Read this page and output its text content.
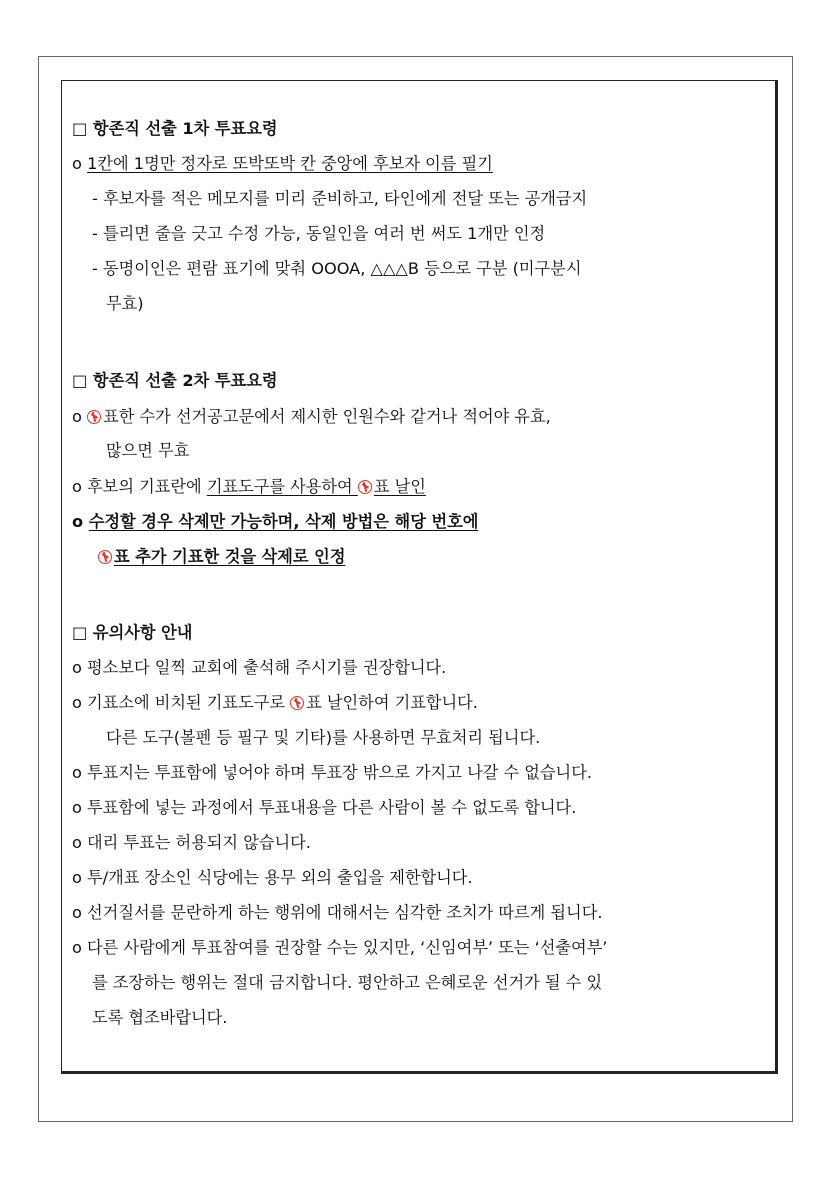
□ 항존직 선출 1차 투표요령
o 1칸에 1명만 정자로 또박또박 칸 중앙에 후보자 이름 필기
- 후보자를 적은 메모지를 미리 준비하고, 타인에게 전달 또는 공개금지
- 틀리면 줄을 긋고 수정 가능, 동일인을 여러 번 써도 1개만 인정
- 동명이인은 편람 표기에 맞춰 OOOA, △△△B 등으로 구분 (미구분시
무효)
□ 항존직 선출 2차 투표요령
o 표한 수가 선거공고문에서 제시한 인원수와 같거나 적어야 유효,
많으면 무효
o 후보의 기표란에 기표도구를 사용하여 표 날인
o 수정할 경우 삭제만 가능하며, 삭제 방법은 해당 번호에
표 추가 기표한 것을 삭제로 인정
□ 유의사항 안내
o 평소보다 일찍 교회에 출석해 주시기를 권장합니다.
o 기표소에 비치된 기표도구로 표 날인하여 기표합니다.
다른 도구(볼펜 등 필구 및 기타)를 사용하면 무효처리 됩니다.
o 투표지는 투표함에 넣어야 하며 투표장 밖으로 가지고 나갈 수 없습니다.
o 투표함에 넣는 과정에서 투표내용을 다른 사람이 볼 수 없도록 합니다.
o 대리 투표는 허용되지 않습니다.
o 투/개표 장소인 식당에는 용무 외의 출입을 제한합니다.
o 선거질서를 문란하게 하는 행위에 대해서는 심각한 조치가 따르게 됩니다.
o 다른 사람에게 투표참여를 권장할 수는 있지만, ‘신임여부’ 또는 ‘선출여부’
를 조장하는 행위는 절대 금지합니다. 평안하고 은혜로운 선거가 될 수 있
도록 협조바랍니다.
